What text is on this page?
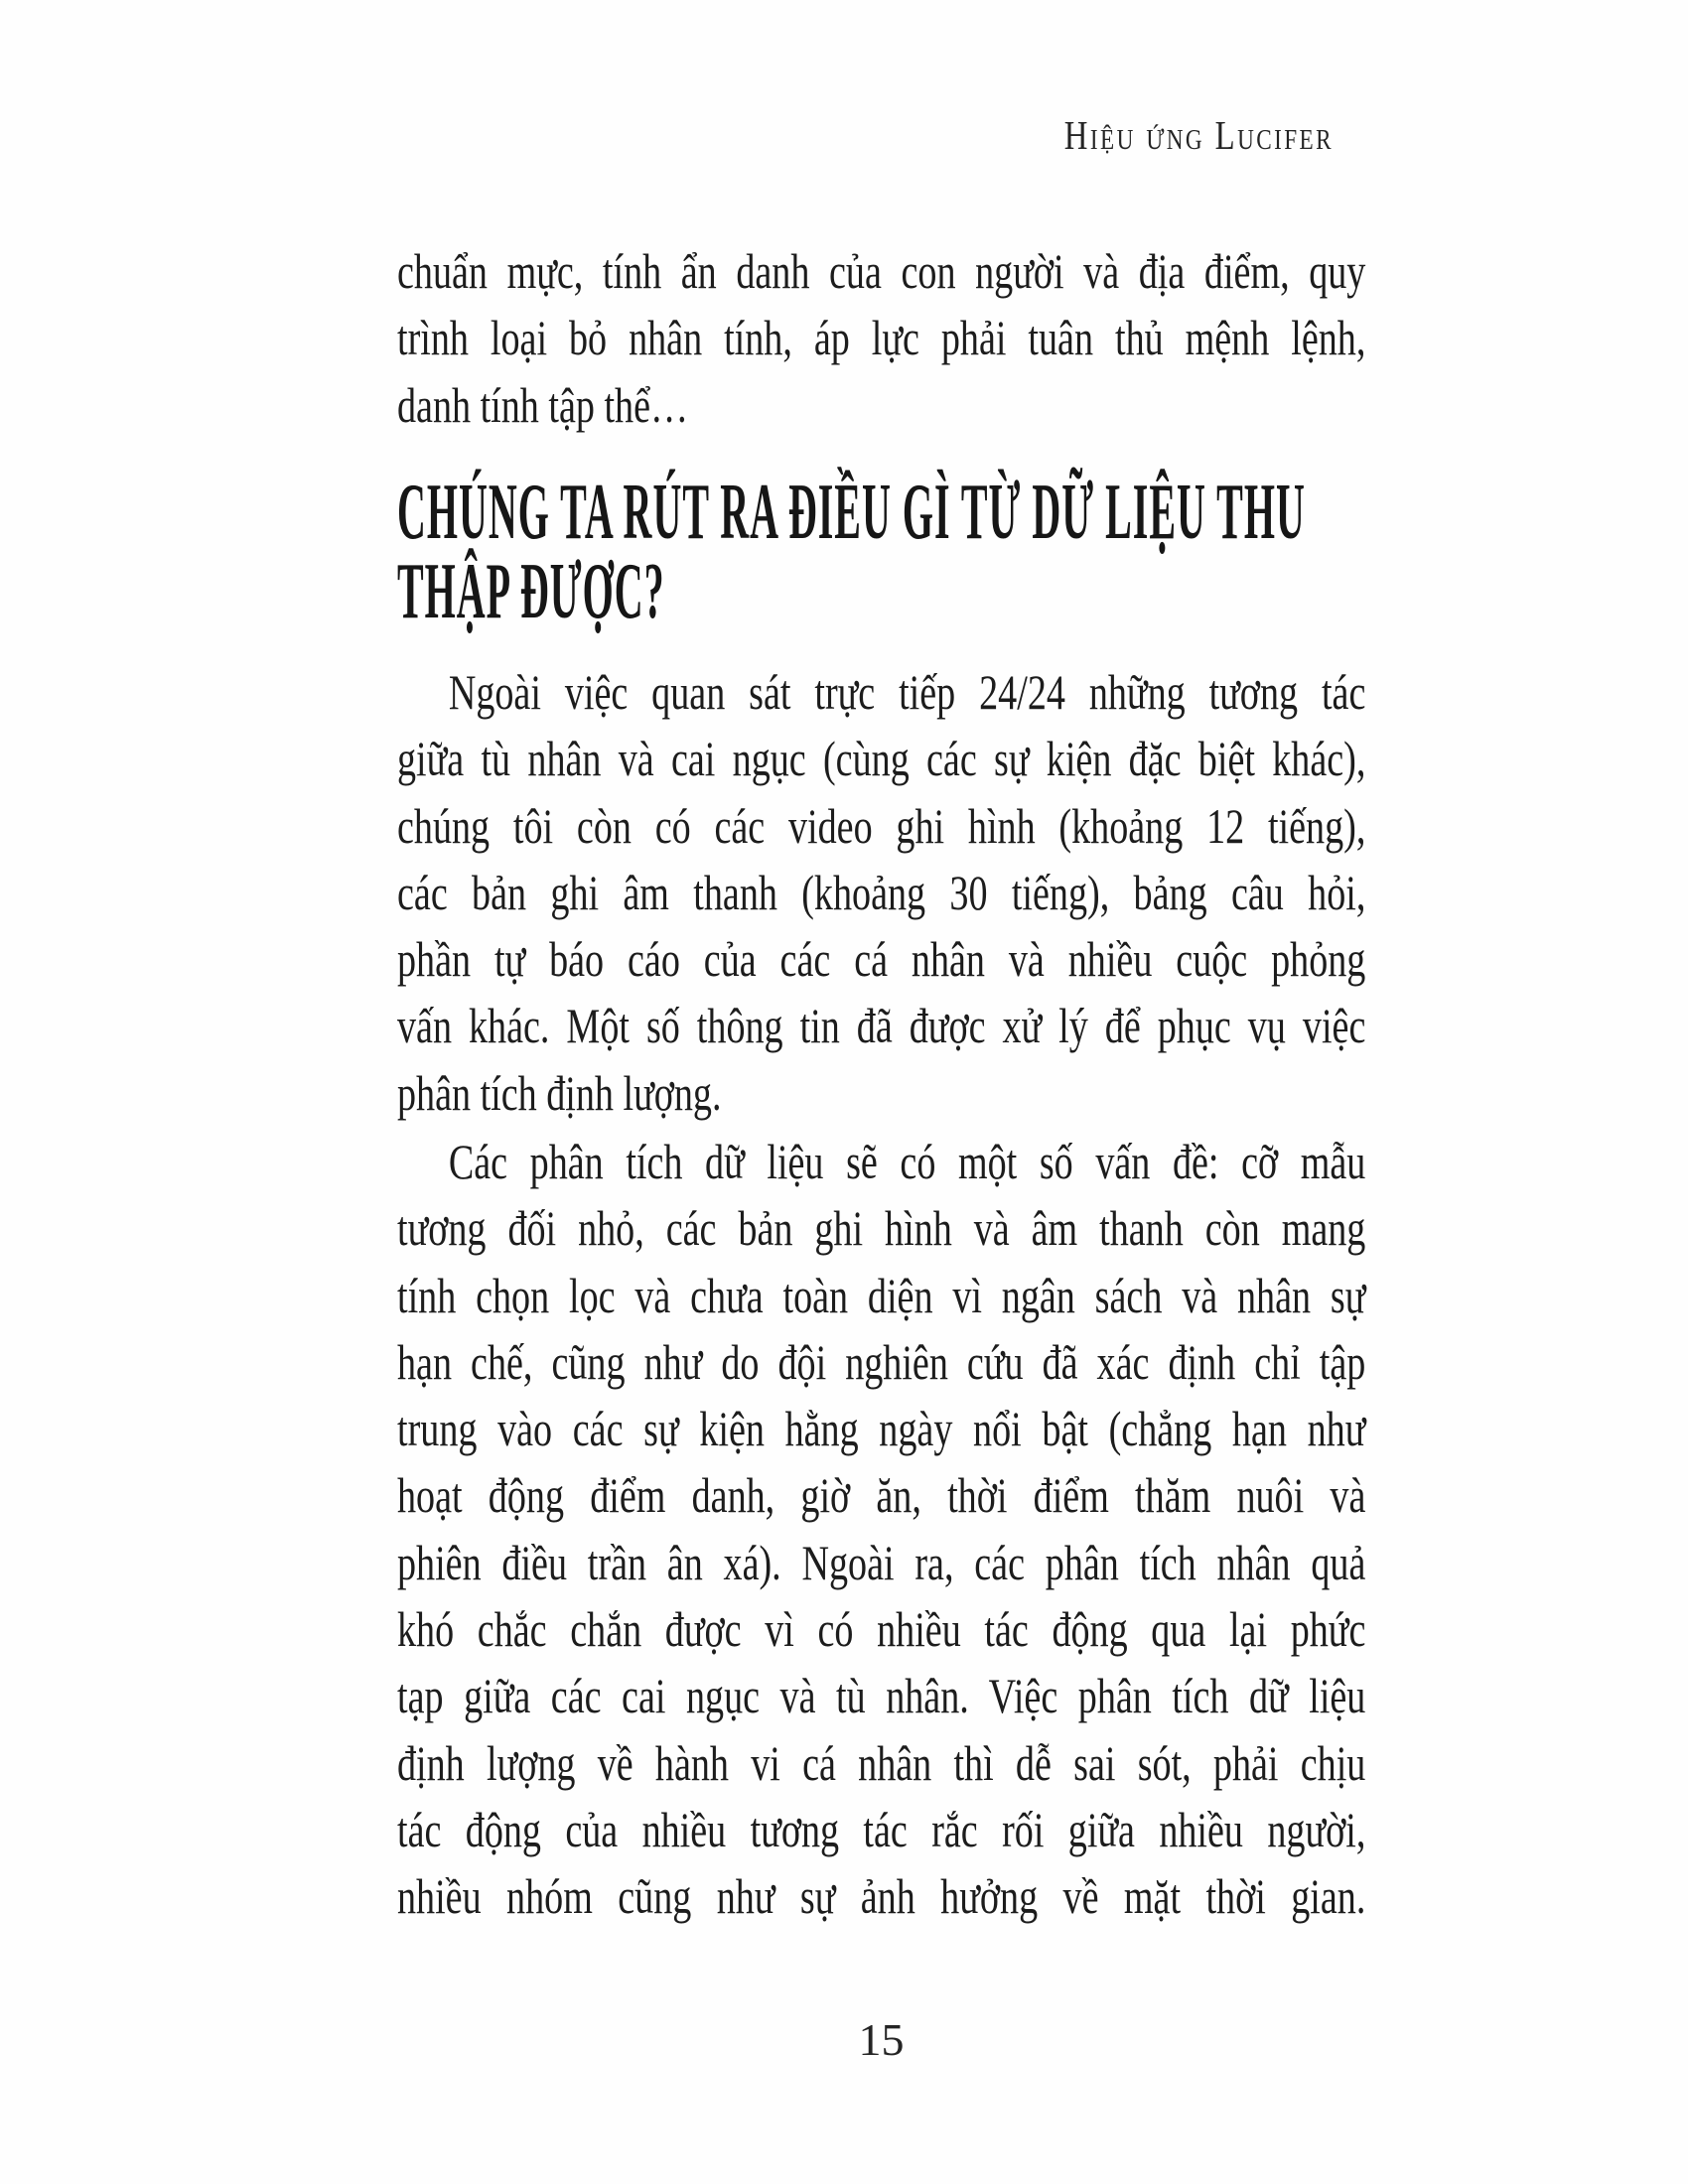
Hiệu ứng Lucifer
chuẩn mực, tính ẩn danh của con người và địa điểm, quy
trình loại bỏ nhân tính, áp lực phải tuân thủ mệnh lệnh,
danh tính tập thể…
CHÚNG TA RÚT RA ĐIỀU GÌ TỪ DỮ LIỆU THU
THẬP ĐƯỢC?
Ngoài việc quan sát trực tiếp 24/24 những tương tác
giữa tù nhân và cai ngục (cùng các sự kiện đặc biệt khác),
chúng tôi còn có các video ghi hình (khoảng 12 tiếng),
các bản ghi âm thanh (khoảng 30 tiếng), bảng câu hỏi,
phần tự báo cáo của các cá nhân và nhiều cuộc phỏng
vấn khác. Một số thông tin đã được xử lý để phục vụ việc
phân tích định lượng.
Các phân tích dữ liệu sẽ có một số vấn đề: cỡ mẫu
tương đối nhỏ, các bản ghi hình và âm thanh còn mang
tính chọn lọc và chưa toàn diện vì ngân sách và nhân sự
hạn chế, cũng như do đội nghiên cứu đã xác định chỉ tập
trung vào các sự kiện hằng ngày nổi bật (chẳng hạn như
hoạt động điểm danh, giờ ăn, thời điểm thăm nuôi và
phiên điều trần ân xá). Ngoài ra, các phân tích nhân quả
khó chắc chắn được vì có nhiều tác động qua lại phức
tạp giữa các cai ngục và tù nhân. Việc phân tích dữ liệu
định lượng về hành vi cá nhân thì dễ sai sót, phải chịu
tác động của nhiều tương tác rắc rối giữa nhiều người,
nhiều nhóm cũng như sự ảnh hưởng về mặt thời gian.
15
